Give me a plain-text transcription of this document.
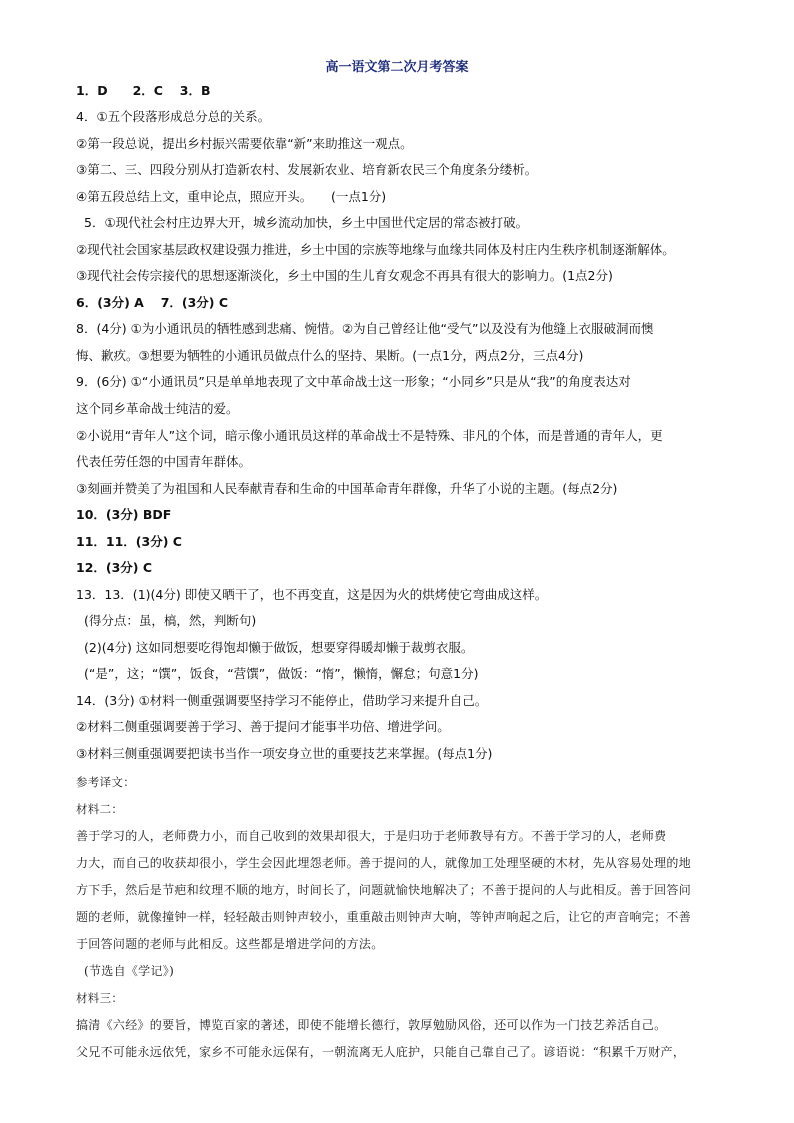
高一语文第二次月考答案
1．D　　2．C　 3．B
4．①五个段落形成总分总的关系。
②第一段总说，提出乡村振兴需要依靠“新”来助推这一观点。
③第二、三、四段分别从打造新农村、发展新农业、培育新农民三个角度条分缕析。
④第五段总结上文，重申论点，照应开头。　　(一点1分)
5．①现代社会村庄边界大开，城乡流动加快，乡土中国世代定居的常态被打破。
②现代社会国家基层政权建设强力推进，乡土中国的宗族等地缘与血缘共同体及村庄内生秩序机制逐渐解体。
③现代社会传宗接代的思想逐渐淡化，乡土中国的生儿育女观念不再具有很大的影响力。(1点2分)
6．(3分) A　 7．(3分) C
8．(4分) ①为小通讯员的牺牲感到悲痛、惋惜。②为自己曾经让他“受气”以及没有为他缝上衣服破洞而懊
悔、歉疚。③想要为牺牲的小通讯员做点什么的坚持、果断。(一点1分，两点2分，三点4分)
9．(6分) ①“小通讯员”只是单单地表现了文中革命战士这一形象；“小同乡”只是从“我”的角度表达对
这个同乡革命战士纯洁的爱。
②小说用“青年人”这个词，暗示像小通讯员这样的革命战士不是特殊、非凡的个体，而是普通的青年人，更
代表任劳任怨的中国青年群体。
③刻画并赞美了为祖国和人民奉献青春和生命的中国革命青年群像，升华了小说的主题。(每点2分)
10．(3分) BDF
11．11．(3分) C
12．(3分) C
13．13．(1)(4分) 即使又晒干了，也不再变直，这是因为火的烘烤使它弯曲成这样。
(得分点：虽，槁，然，判断句)
(2)(4分) 这如同想要吃得饱却懒于做饭，想要穿得暖却懒于裁剪衣服。
(“是”，这；“馔”，饭食，“营馔”，做饭：“惰”，懒惰，懈怠；句意1分)
14．(3分) ①材料一侧重强调要坚持学习不能停止，借助学习来提升自己。
②材料二侧重强调要善于学习、善于提问才能事半功倍、增进学问。
③材料三侧重强调要把读书当作一项安身立世的重要技艺来掌握。(每点1分)
参考译文：
材料二：
善于学习的人，老师费力小，而自己收到的效果却很大，于是归功于老师教导有方。不善于学习的人，老师费
力大，而自己的收获却很小，学生会因此埋怨老师。善于提问的人，就像加工处理坚硬的木材，先从容易处理的地
方下手，然后是节疤和纹理不顺的地方，时间长了，问题就愉快地解决了；不善于提问的人与此相反。善于回答问
题的老师，就像撞钟一样，轻轻敲击则钟声较小，重重敲击则钟声大响，等钟声响起之后，让它的声音响完；不善
于回答问题的老师与此相反。这些都是增进学问的方法。
(节选自《学记》)
材料三：
搞清《六经》的要旨，博览百家的著述，即使不能增长德行，敦厚勉励风俗，还可以作为一门技艺养活自己。
父兄不可能永远依凭，家乡不可能永远保有，一朝流离无人庇护，只能自己靠自己了。谚语说：“积累千万财产，
